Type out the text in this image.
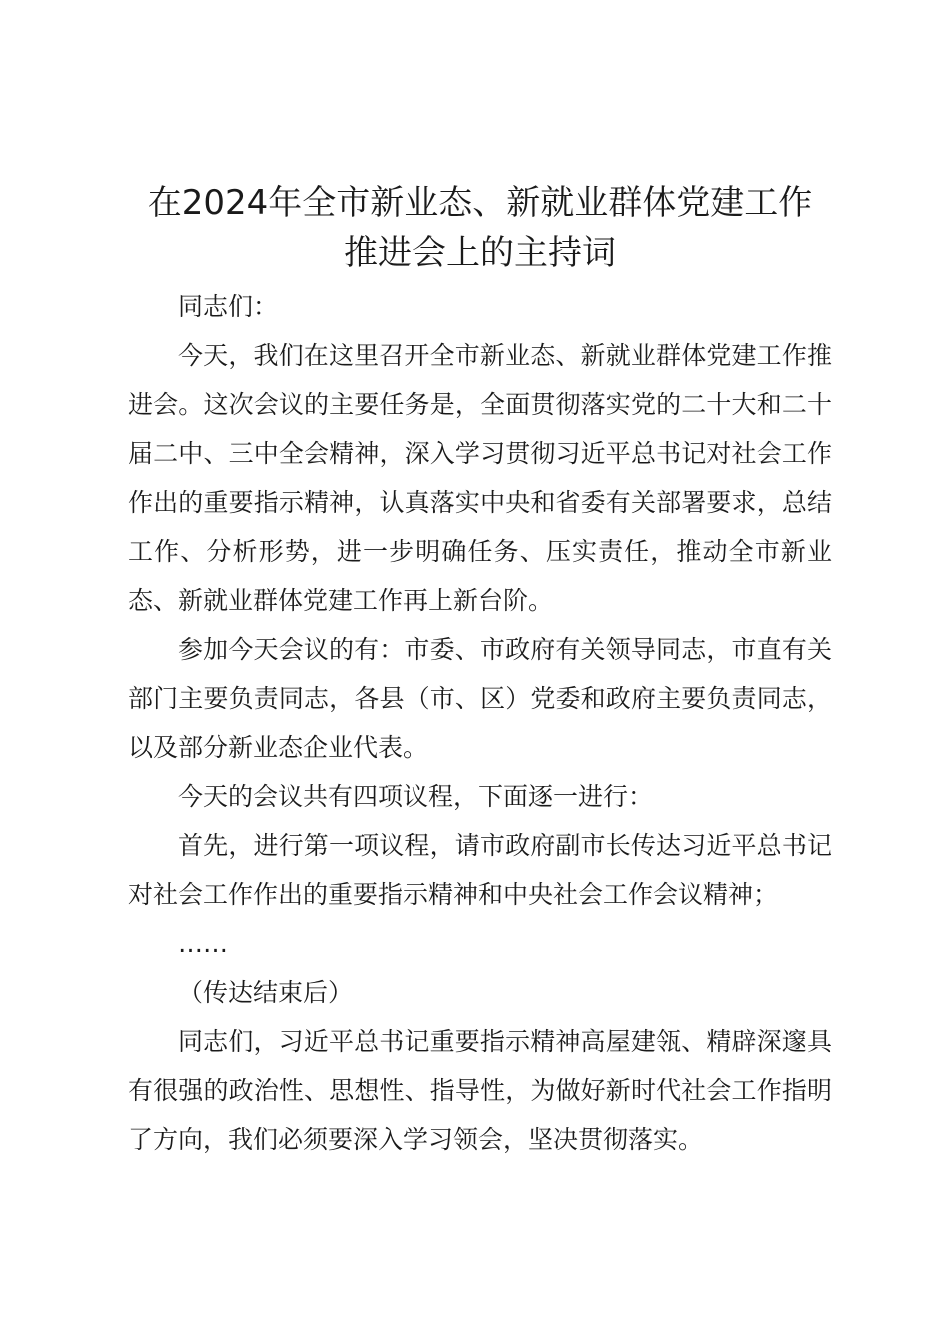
在2024年全市新业态、新就业群体党建工作
推进会上的主持词

同志们：

今天，我们在这里召开全市新业态、新就业群体党建工作推进会。这次会议的主要任务是，全面贯彻落实党的二十大和二十届二中、三中全会精神，深入学习贯彻习近平总书记对社会工作作出的重要指示精神，认真落实中央和省委有关部署要求，总结工作、分析形势，进一步明确任务、压实责任，推动全市新业态、新就业群体党建工作再上新台阶。

参加今天会议的有：市委、市政府有关领导同志，市直有关部门主要负责同志，各县（市、区）党委和政府主要负责同志，以及部分新业态企业代表。

今天的会议共有四项议程，下面逐一进行：

首先，进行第一项议程，请市政府副市长传达习近平总书记对社会工作作出的重要指示精神和中央社会工作会议精神；

……

（传达结束后）

同志们，习近平总书记重要指示精神高屋建瓴、精辟深邃具有很强的政治性、思想性、指导性，为做好新时代社会工作指明了方向，我们必须要深入学习领会，坚决贯彻落实。
